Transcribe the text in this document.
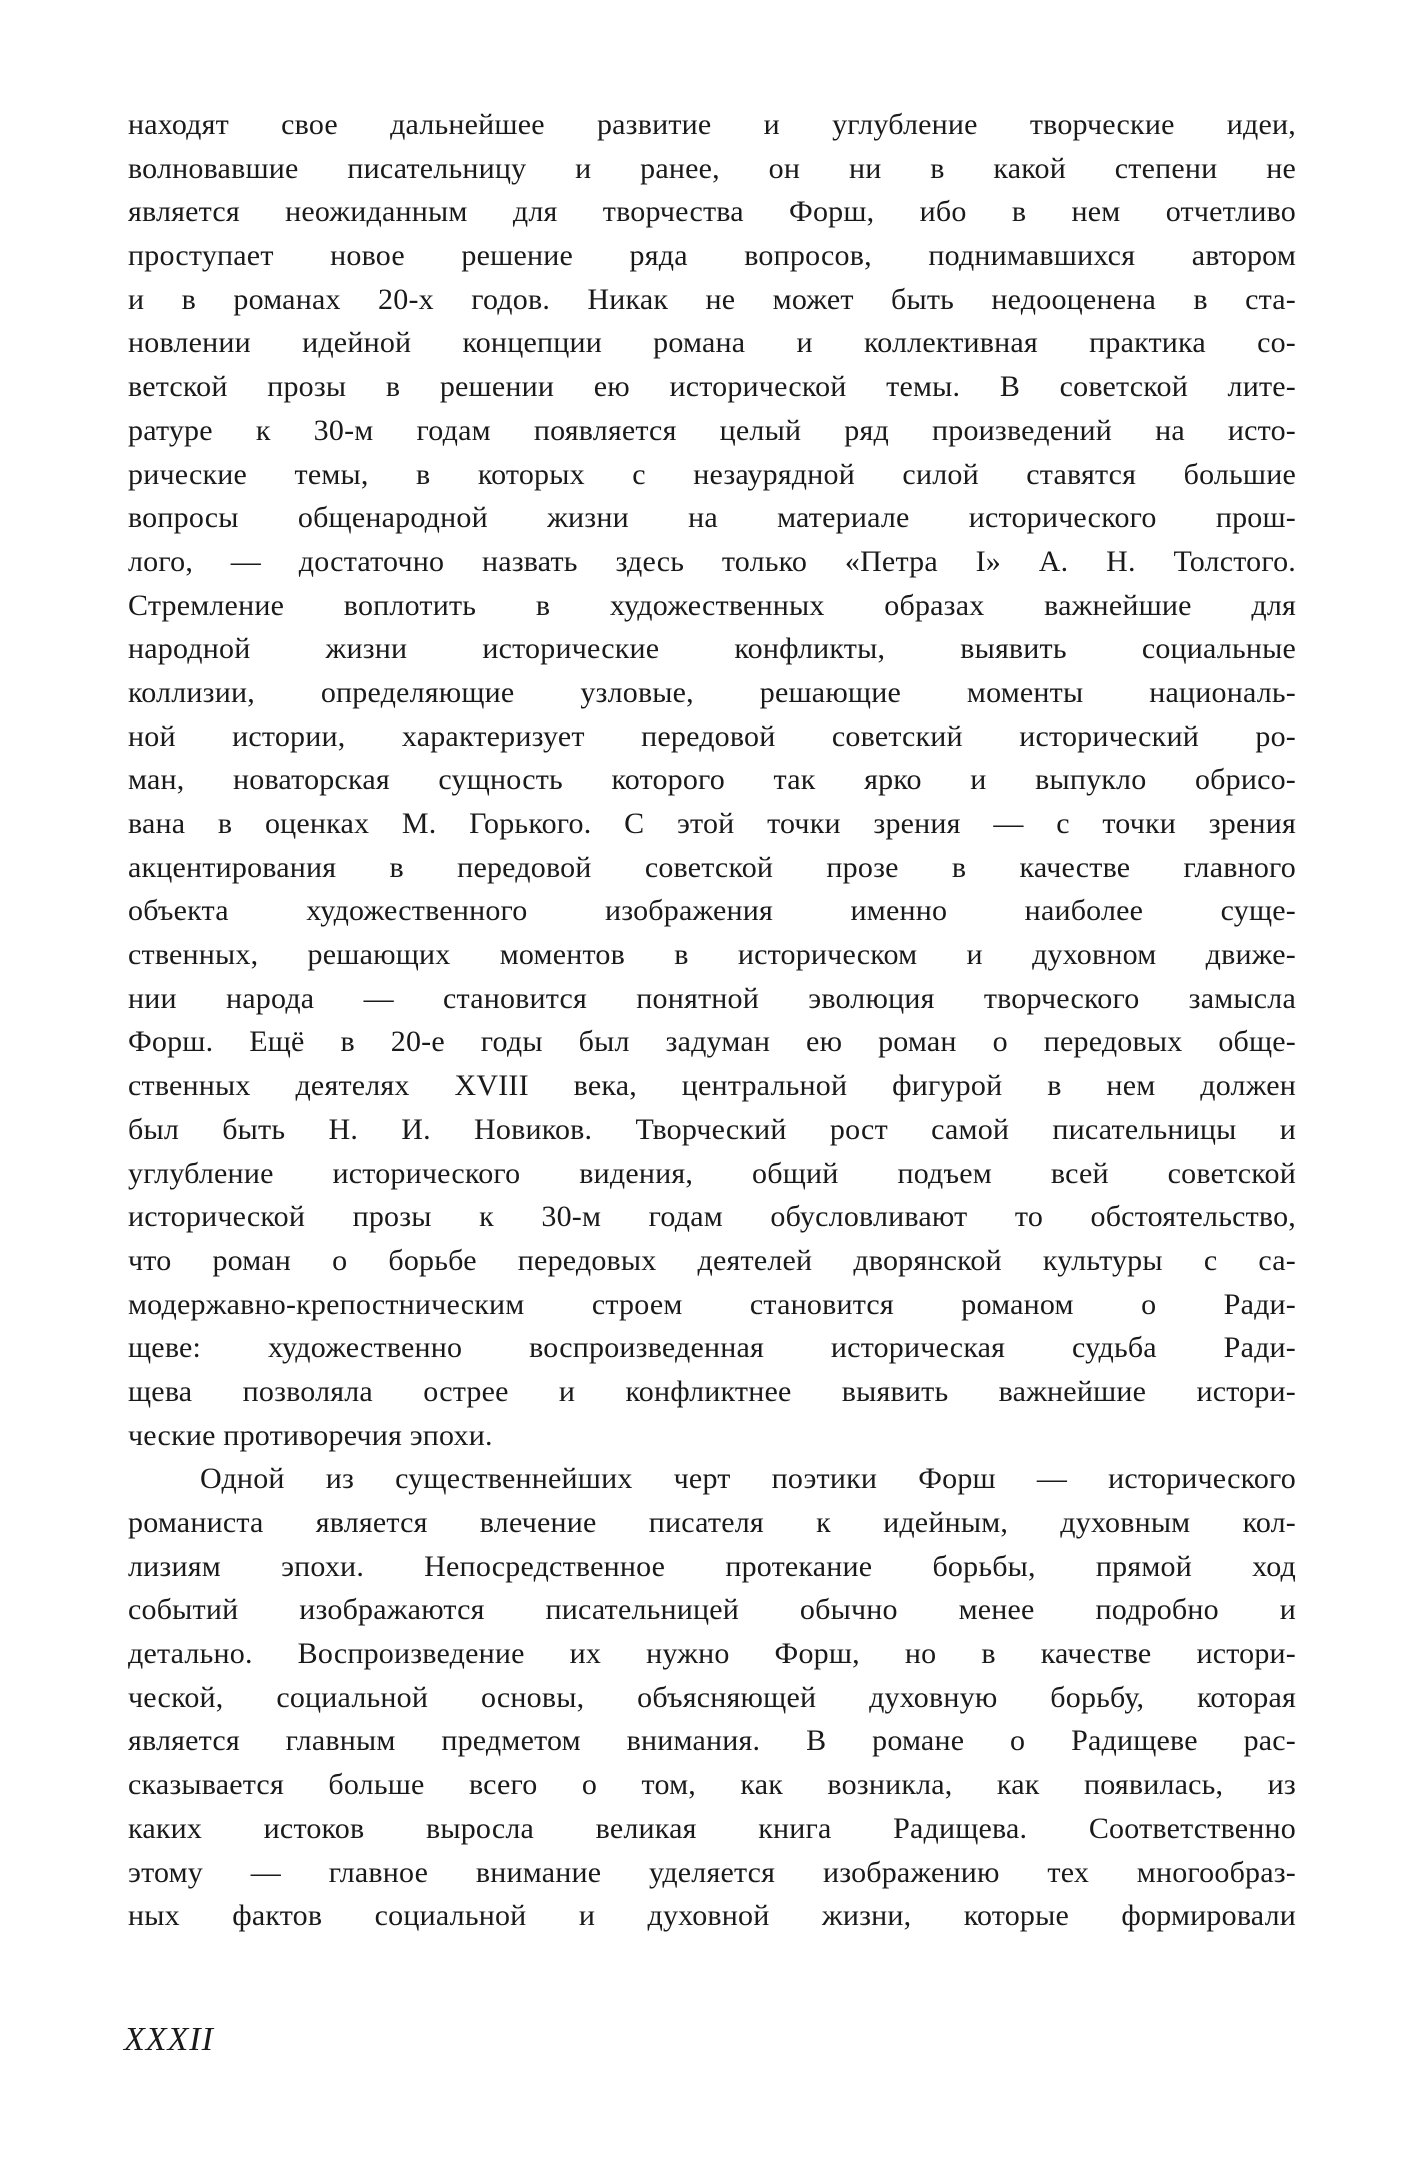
находят свое дальнейшее развитие и углубление творческие идеи,
волновавшие писательницу и ранее, он ни в какой степени не
является неожиданным для творчества Форш, ибо в нем отчетливо
проступает новое решение ряда вопросов, поднимавшихся автором
и в романах 20-х годов. Никак не может быть недооценена в ста-
новлении идейной концепции романа и коллективная практика со-
ветской прозы в решении ею исторической темы. В советской лите-
ратуре к 30-м годам появляется целый ряд произведений на исто-
рические темы, в которых с незаурядной силой ставятся большие
вопросы общенародной жизни на материале исторического прош-
лого, — достаточно назвать здесь только «Петра I» А. Н. Толстого.
Стремление воплотить в художественных образах важнейшие для
народной жизни исторические конфликты, выявить социальные
коллизии, определяющие узловые, решающие моменты националь-
ной истории, характеризует передовой советский исторический ро-
ман, новаторская сущность которого так ярко и выпукло обрисо-
вана в оценках М. Горького. С этой точки зрения — с точки зрения
акцентирования в передовой советской прозе в качестве главного
объекта художественного изображения именно наиболее суще-
ственных, решающих моментов в историческом и духовном движе-
нии народа — становится понятной эволюция творческого замысла
Форш. Ещё в 20-е годы был задуман ею роман о передовых обще-
ственных деятелях XVIII века, центральной фигурой в нем должен
был быть Н. И. Новиков. Творческий рост самой писательницы и
углубление исторического видения, общий подъем всей советской
исторической прозы к 30-м годам обусловливают то обстоятельство,
что роман о борьбе передовых деятелей дворянской культуры с са-
модержавно-крепостническим строем становится романом о Ради-
щеве: художественно воспроизведенная историческая судьба Ради-
щева позволяла острее и конфликтнее выявить важнейшие истори-
ческие противоречия эпохи.
Одной из существеннейших черт поэтики Форш — исторического
романиста является влечение писателя к идейным, духовным кол-
лизиям эпохи. Непосредственное протекание борьбы, прямой ход
событий изображаются писательницей обычно менее подробно и
детально. Воспроизведение их нужно Форш, но в качестве истори-
ческой, социальной основы, объясняющей духовную борьбу, которая
является главным предметом внимания. В романе о Радищеве рас-
сказывается больше всего о том, как возникла, как появилась, из
каких истоков выросла великая книга Радищева. Соответственно
этому — главное внимание уделяется изображению тех многообраз-
ных фактов социальной и духовной жизни, которые формировали
XXXII
